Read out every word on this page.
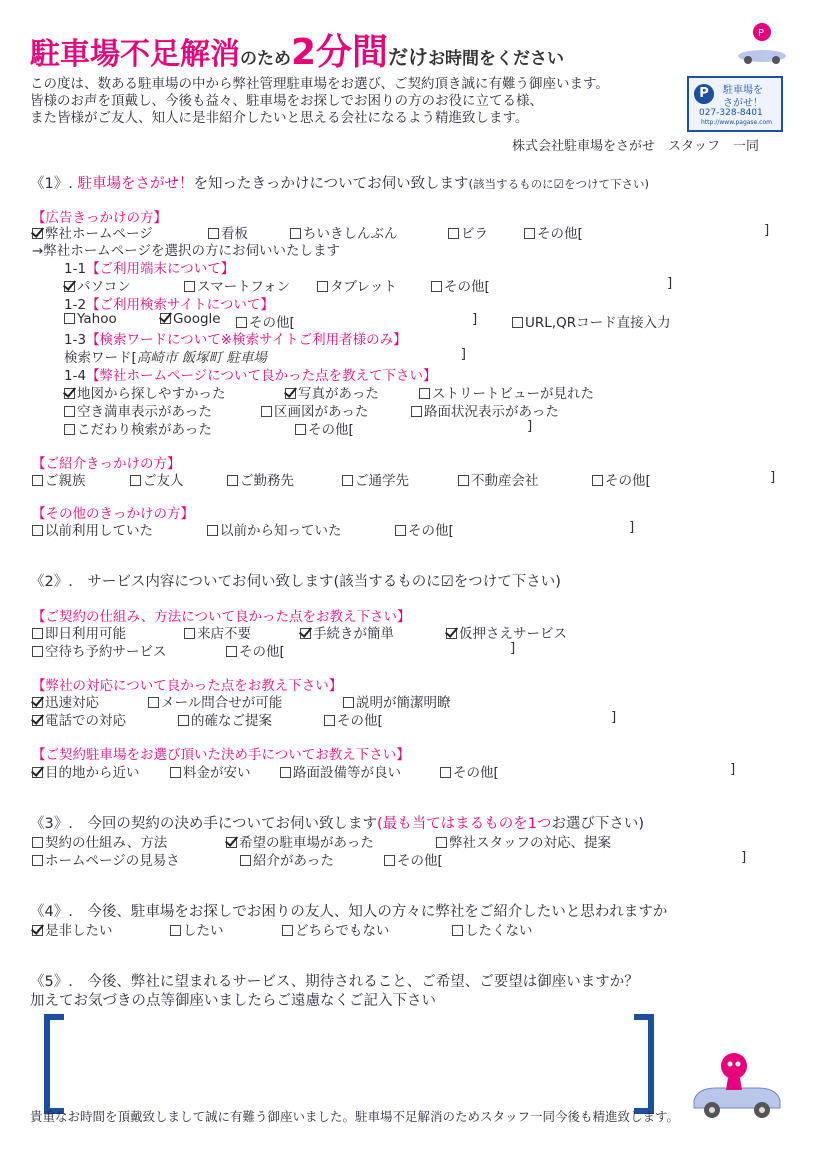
駐車場不足解消のため2分間だけお時間をください
P
この度は、数ある駐車場の中から弊社管理駐車場をお選び、ご契約頂き誠に有難う御座います。
皆様のお声を頂戴し、今後も益々、駐車場をお探しでお困りの方のお役に立てる様、
また皆様がご友人、知人に是非紹介したいと思える会社になるよう精進致します。
P	駐車場を
さがせ！
027-328-8401
http://www.pagase.com
株式会社駐車場をさがせ　スタッフ　一同
《1》. 駐車場をさがせ！を知ったきっかけについてお伺い致します(該当するものに☑をつけて下さい)
【広告きっかけの方】
弊社ホームページ	看板	ちいきしんぶん	ビラ	その他[	]
→弊社ホームページを選択の方にお伺いいたします
1-1【ご利用端末について】
パソコン	スマートフォン	タブレット	その他[	]
1-2【ご利用検索サイトについて】
Yahoo	Google	その他[	]	URL,QRコード直接入力
1-3【検索ワードについて※検索サイトご利用者様のみ】
検索ワード[ 高崎市 飯塚町 駐車場	]
1-4【弊社ホームページについて良かった点を教えて下さい】
地図から探しやすかった	写真があった	ストリートビューが見れた
空き満車表示があった	区画図があった	路面状況表示があった
こだわり検索があった	その他[	]
【ご紹介きっかけの方】
ご親族	ご友人	ご勤務先	ご通学先	不動産会社	その他[	]
【その他のきっかけの方】
以前利用していた	以前から知っていた	その他[	]
《2》.　サービス内容についてお伺い致します(該当するものに☑をつけて下さい)
【ご契約の仕組み、方法について良かった点をお教え下さい】
即日利用可能	来店不要	手続きが簡単	仮押さえサービス
空待ち予約サービス	その他[	]
【弊社の対応について良かった点をお教え下さい】
迅速対応	メール問合せが可能	説明が簡潔明瞭
電話での対応	的確なご提案	その他[	]
【ご契約駐車場をお選び頂いた決め手についてお教え下さい】
目的地から近い	料金が安い	路面設備等が良い	その他[	]
《3》.　今回の契約の決め手についてお伺い致します(最も当てはまるものを1つお選び下さい)
契約の仕組み、方法	希望の駐車場があった	弊社スタッフの対応、提案
ホームページの見易さ	紹介があった	その他[	]
《4》.　今後、駐車場をお探しでお困りの友人、知人の方々に弊社をご紹介したいと思われますか
是非したい	したい	どちらでもない	したくない
《5》.　今後、弊社に望まれるサービス、期待されること、ご希望、ご要望は御座いますか？
加えてお気づきの点等御座いましたらご遠慮なくご記入下さい
貴重なお時間を頂戴致しまして誠に有難う御座いました。駐車場不足解消のためスタッフ一同今後も精進致します。
